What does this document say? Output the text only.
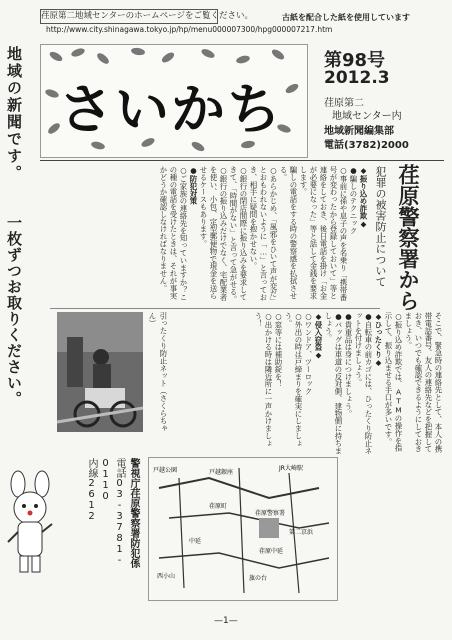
荏原第二地域センターのホームページをご覧ください。
http://www.city.shinagawa.tokyo.jp/hp/menu000007300/hpg000007217.htm
古紙を配合した紙を使用しています
地域の新聞です。
一枚ずつお取りください。
さいかち
第98号
2012.3
荏原第二
地域センター内
地域新聞編集部
電話(3782)2000
荏原警察署から
犯罪の被害防止について
◆振り込め詐欺◆
●騙しのテクニック
○事前に孫や息子の声を名乗り「携帯番号が変わったから登録しておいて」等と連絡をしておき、後日電話を掛け「お金が必要になった」等と話して金銭を要求します。
騙しの電話をする時の警察感を払拭させる。
○あらかじめ、「風邪をひいて声が変だ」とおもわれないように「…」と言っておき、相手に疑問を抱かせない。
○銀行の閉店間際に振り込みを要求してきて、「時間がない」と言って急がせる。
○銀行の振り込みだけでなく、宅配業者を使い、小包、定型郵便物で現金を送らせるケースもあります。
●防犯対策
○ご家族の連絡先を知っていますか？この種の電話を受けたときは、それが事実かどうか確認しなければなりません。
引ったくり防止ネット（さくらちゃん）	そこで、緊急時の連絡先として、本人の携帯電話番号、友人の連絡先などを把握しておき、いつでも確認できるようにしておきましょう。
○振り込め詐欺では、ATMの操作を指示して、振り込ませる手口が多いです。
◆ひったくり◆
●自転車の前カゴには、ひったくり防止ネットを付けましょう。
●貴重品は身につけましょう。
●バッグは車道の反対側、建物側に持ちましょう。
◆侵入窃盗◆
○ワンドア、ツーロック
○外出の時は戸締まりを確実にしましょう。
○窓等には補助錠を！
○出かける時は隣近所に一声かけましょう！
警視庁荏原警察署防犯係
電話03-3781-0110
内線2612	戸越公園
荏原町
旗の台
中延
荏原中延
戸越銀座
西小山
JR大崎駅
荏原警察署
第二京浜
—1—
